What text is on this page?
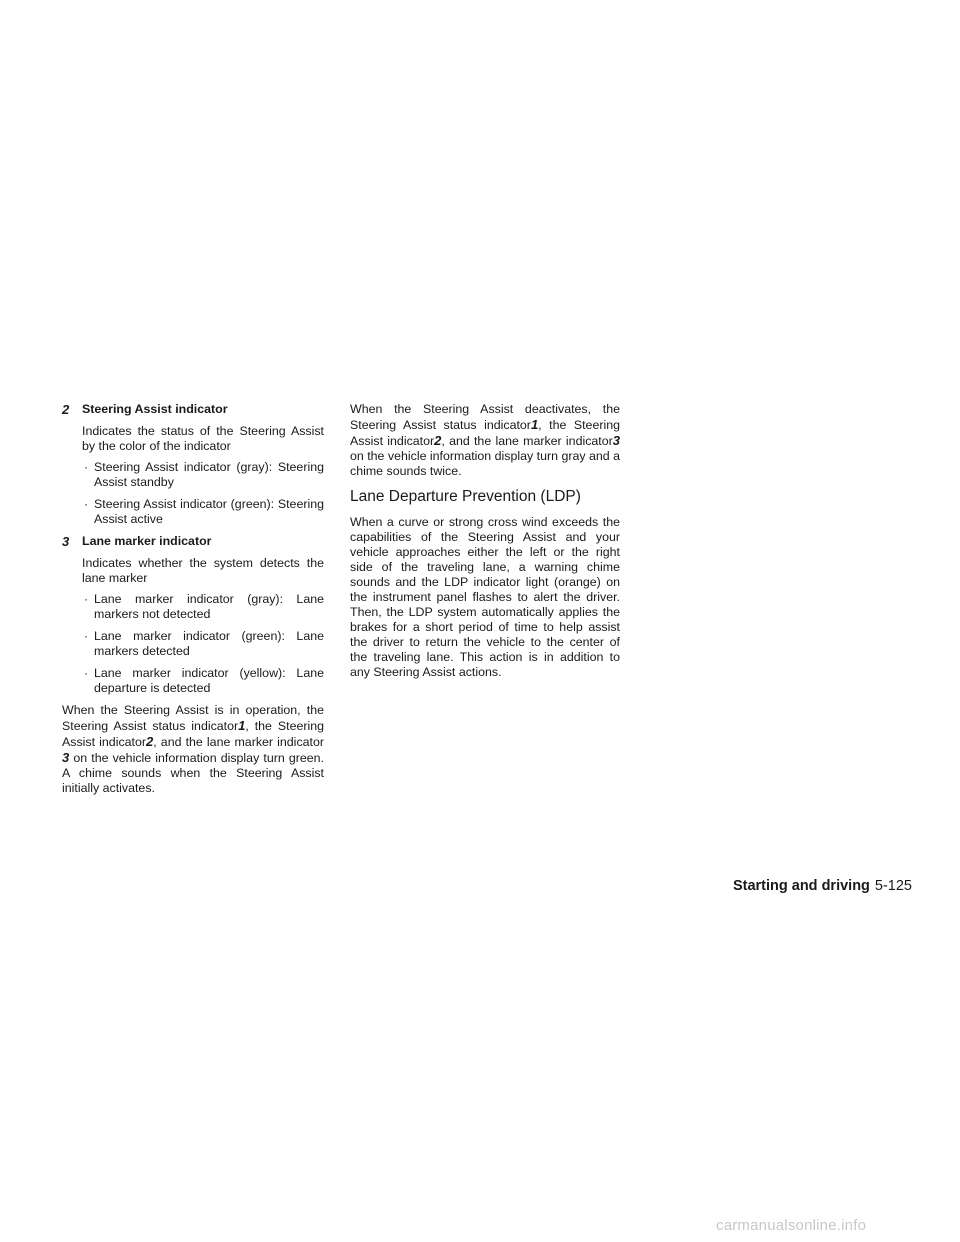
2 Steering Assist indicator

Indicates the status of the Steering Assist by the color of the indicator

· Steering Assist indicator (gray): Steering Assist standby
· Steering Assist indicator (green): Steering Assist active
3 Lane marker indicator

Indicates whether the system detects the lane marker

· Lane marker indicator (gray): Lane markers not detected
· Lane marker indicator (green): Lane markers detected
· Lane marker indicator (yellow): Lane departure is detected

When the Steering Assist is in operation, the Steering Assist status indicator1, the Steering Assist indicator2, and the lane marker indicator3 on the vehicle information display turn green. A chime sounds when the Steering Assist initially activates.

When the Steering Assist deactivates, the Steering Assist status indicator1, the Steering Assist indicator2, and the lane marker indicator3 on the vehicle information display turn gray and a chime sounds twice.

Lane Departure Prevention (LDP)

When a curve or strong cross wind exceeds the capabilities of the Steering Assist and your vehicle approaches either the left or the right side of the traveling lane, a warning chime sounds and the LDP indicator light (orange) on the instrument panel flashes to alert the driver. Then, the LDP system automatically applies the brakes for a short period of time to help assist the driver to return the vehicle to the center of the traveling lane. This action is in addition to any Steering Assist actions.

Starting and driving 5-125
carmanualsonline.info
